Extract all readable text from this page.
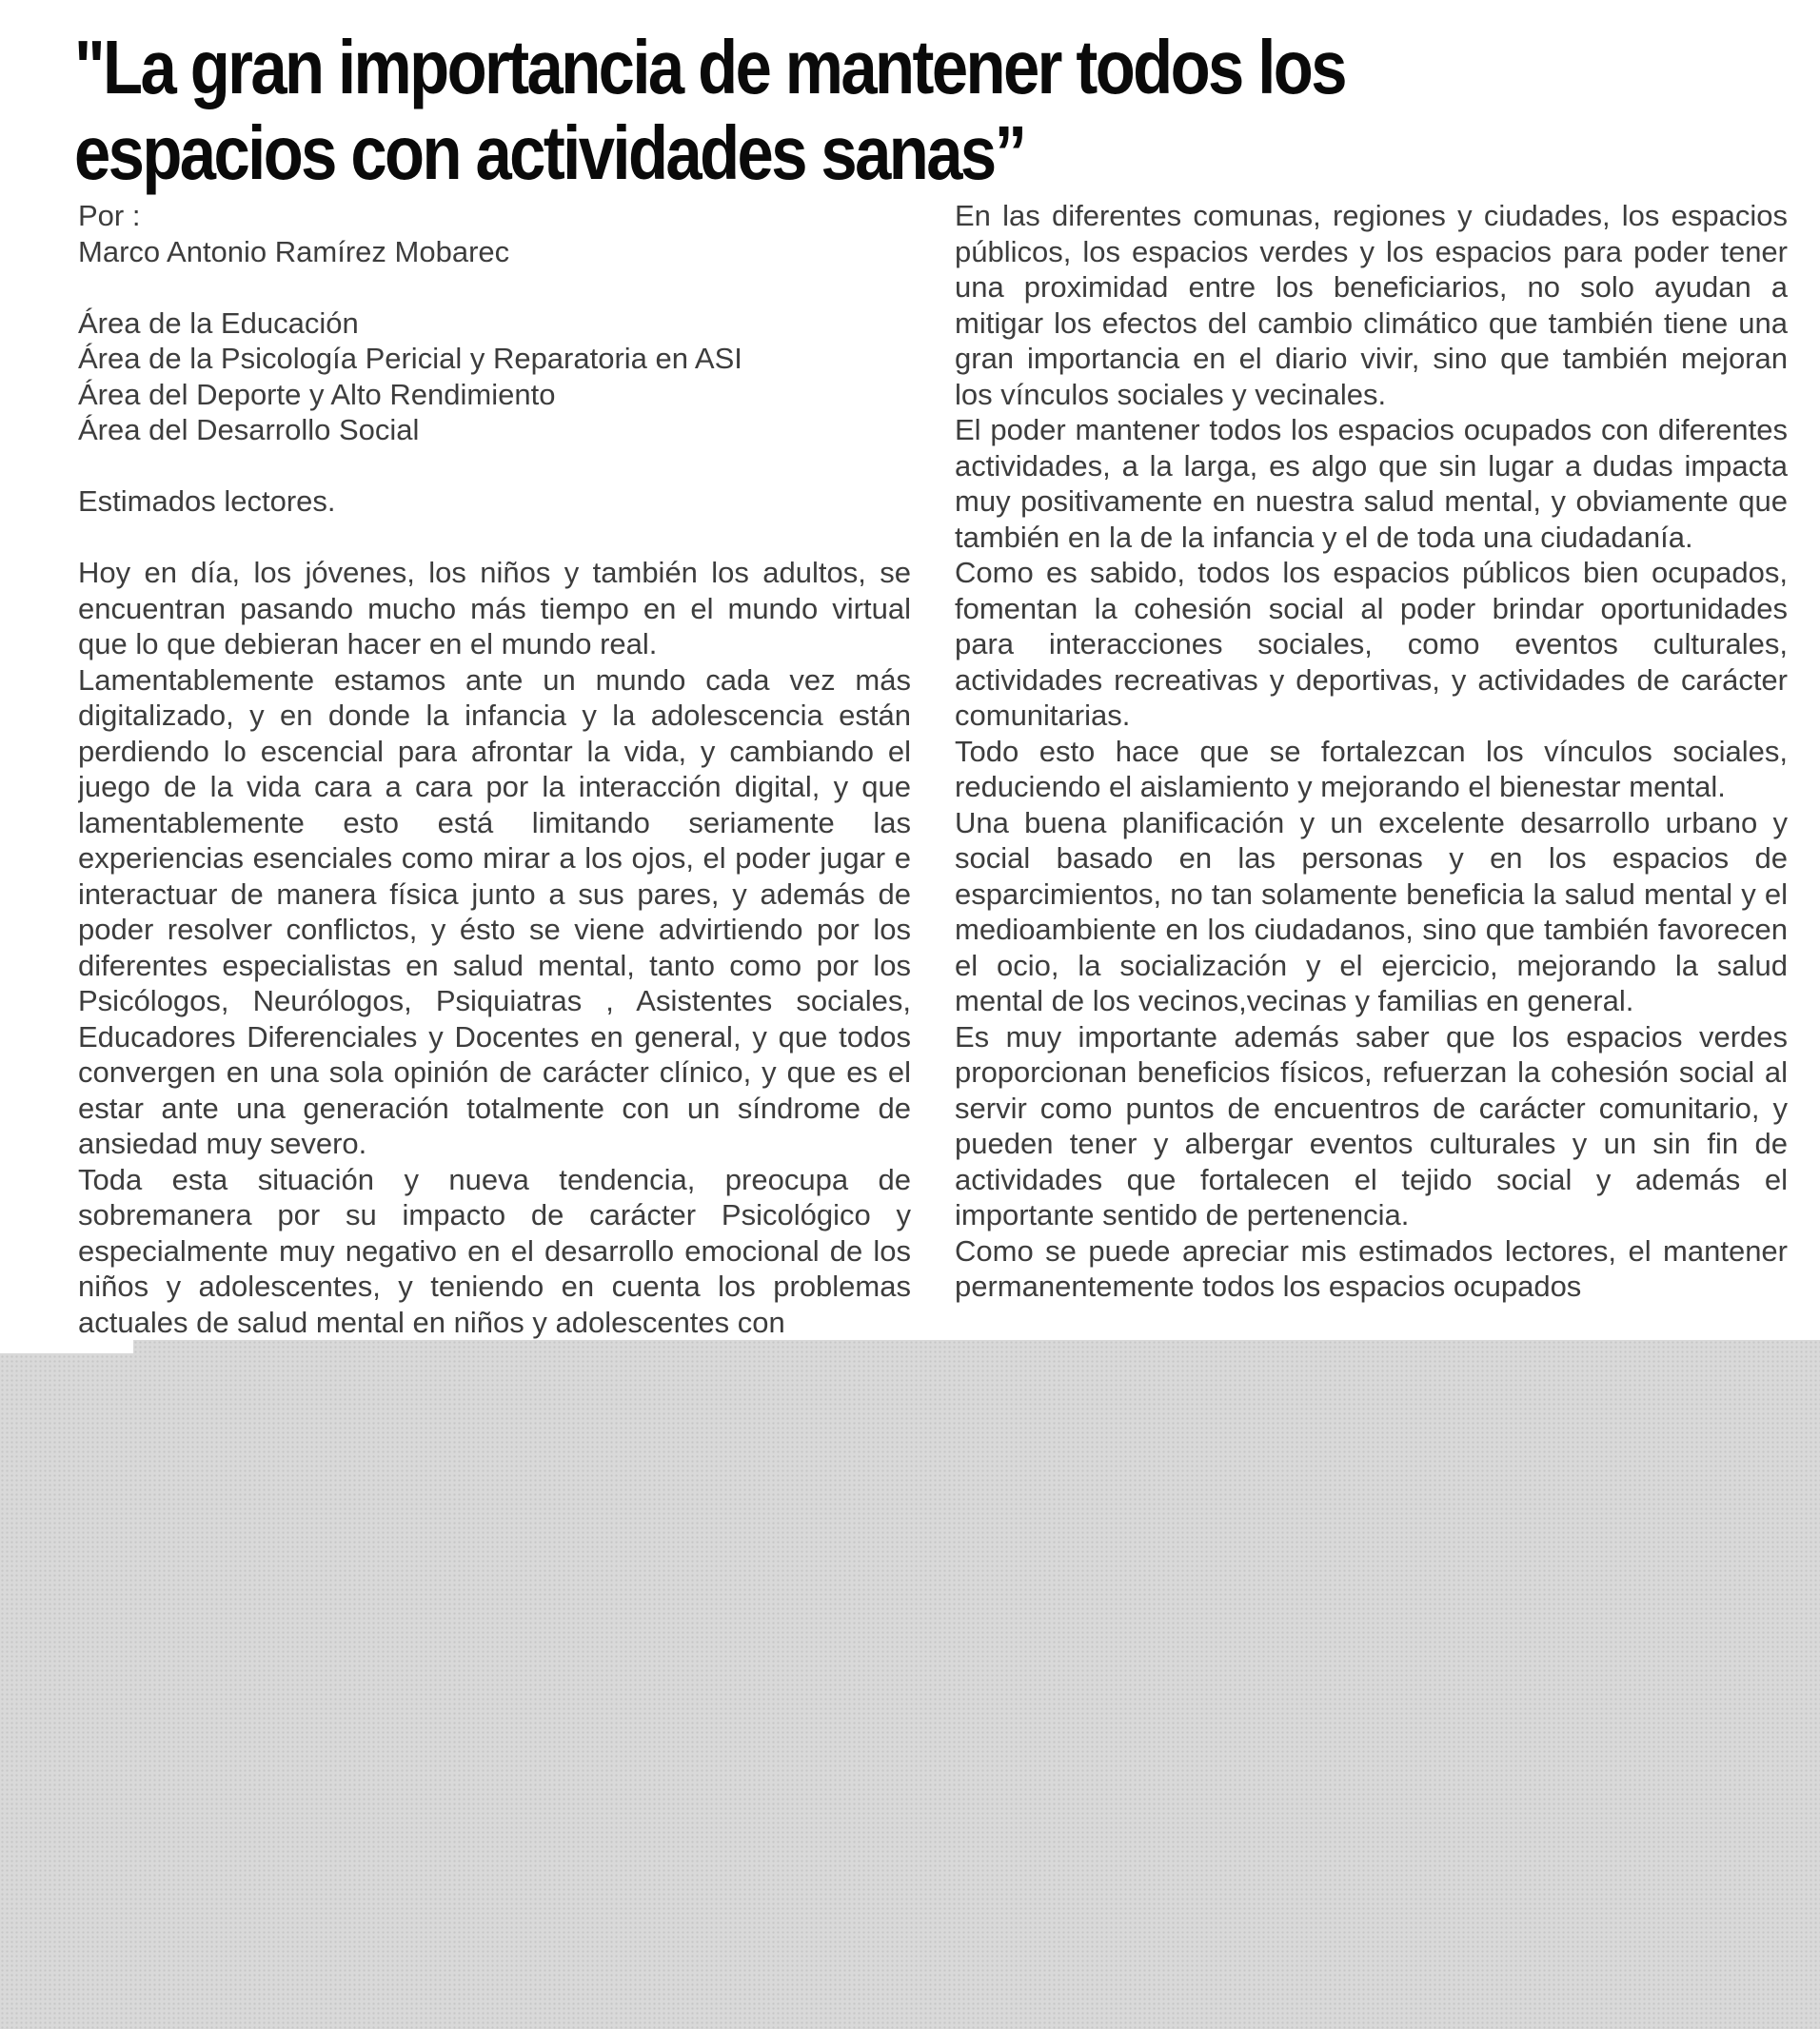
"La gran importancia de mantener todos los
espacios con actividades sanas”

Por :

Marco Antonio Ramírez Mobarec

Área de la Educación

Área de la Psicología Pericial y Reparatoria en ASI

Área del Deporte y Alto Rendimiento

Área del Desarrollo Social

Estimados lectores.

Hoy en día, los jóvenes, los niños y también los adultos, se encuentran pasando mucho más tiempo en el mundo virtual que lo que debieran hacer en el mundo real.

Lamentablemente estamos ante un mundo cada vez más digitalizado, y en donde la infancia y la adolescencia están perdiendo lo escencial para afrontar la vida, y cambiando el juego de la vida cara a cara por la interacción digital, y que lamentablemente esto está limitando seriamente las experiencias esenciales como mirar a los ojos, el poder jugar e interactuar de manera física junto a sus pares, y además de poder resolver conflictos, y ésto se viene advirtiendo por los diferentes especialistas en salud mental, tanto como por los Psicólogos, Neurólogos, Psiquiatras , Asistentes sociales, Educadores Diferenciales y Docentes en general, y que todos convergen en una sola opinión de carácter clínico, y que es el estar ante una generación totalmente con un síndrome de ansiedad muy severo.

Toda esta situación y nueva tendencia, preocupa de sobremanera por su impacto de carácter Psicológico y especialmente muy negativo en el desarrollo emocional de los niños y adolescentes, y teniendo en cuenta los problemas actuales de salud mental en niños y adolescentes con

En las diferentes comunas, regiones y ciudades, los espacios públicos, los espacios verdes y los espacios para poder tener una proximidad entre los beneficiarios, no solo ayudan a mitigar los efectos del cambio climático que también tiene una gran importancia en el diario vivir, sino que también mejoran los vínculos sociales y vecinales.

El poder mantener todos los espacios ocupados con diferentes actividades, a la larga, es algo que sin lugar a dudas impacta muy positivamente en nuestra salud mental, y obviamente que también en la de la infancia y el de toda una ciudadanía.

Como es sabido, todos los espacios públicos bien ocupados, fomentan la cohesión social al poder brindar oportunidades para interacciones sociales, como eventos culturales, actividades recreativas y deportivas, y actividades de carácter comunitarias.

Todo esto hace que se fortalezcan los vínculos sociales, reduciendo el aislamiento y mejorando el bienestar mental.

Una buena planificación y un excelente desarrollo urbano y social basado en las personas y en los espacios de esparcimientos, no tan solamente beneficia la salud mental y el medioambiente en los ciudadanos, sino que también favorecen el ocio, la socialización y el ejercicio, mejorando la salud mental de los vecinos,vecinas y familias en general.

Es muy importante además saber que los espacios verdes proporcionan beneficios físicos, refuerzan la cohesión social al servir como puntos de encuentros de carácter comunitario, y pueden tener y albergar eventos culturales y un sin fin de actividades que fortalecen el tejido social y además el importante sentido de pertenencia.

Como se puede apreciar mis estimados lectores, el mantener permanentemente todos los espacios ocupados
